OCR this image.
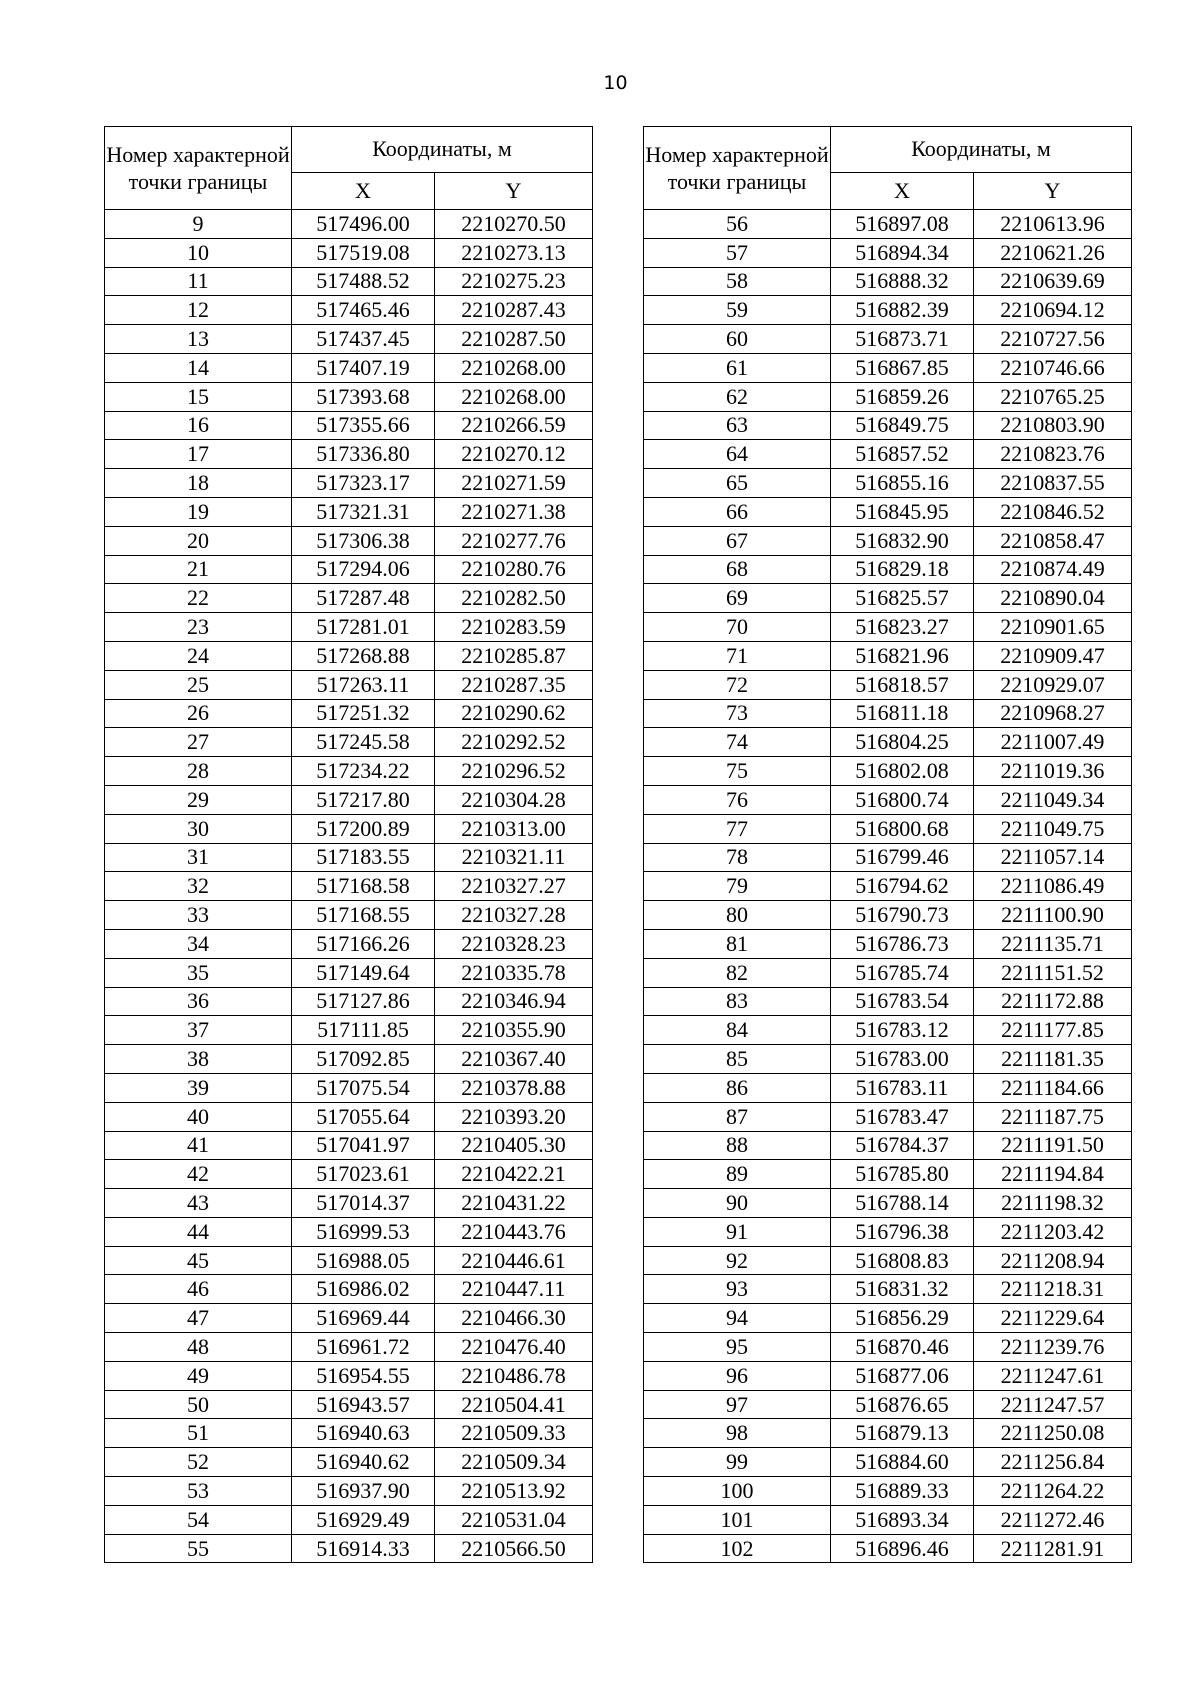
10
Номер характерной точки границы	Координаты, м	
	X	Y
9	517496.00	2210270.50
10	517519.08	2210273.13
11	517488.52	2210275.23
12	517465.46	2210287.43
13	517437.45	2210287.50
14	517407.19	2210268.00
15	517393.68	2210268.00
16	517355.66	2210266.59
17	517336.80	2210270.12
18	517323.17	2210271.59
19	517321.31	2210271.38
20	517306.38	2210277.76
21	517294.06	2210280.76
22	517287.48	2210282.50
23	517281.01	2210283.59
24	517268.88	2210285.87
25	517263.11	2210287.35
26	517251.32	2210290.62
27	517245.58	2210292.52
28	517234.22	2210296.52
29	517217.80	2210304.28
30	517200.89	2210313.00
31	517183.55	2210321.11
32	517168.58	2210327.27
33	517168.55	2210327.28
34	517166.26	2210328.23
35	517149.64	2210335.78
36	517127.86	2210346.94
37	517111.85	2210355.90
38	517092.85	2210367.40
39	517075.54	2210378.88
40	517055.64	2210393.20
41	517041.97	2210405.30
42	517023.61	2210422.21
43	517014.37	2210431.22
44	516999.53	2210443.76
45	516988.05	2210446.61
46	516986.02	2210447.11
47	516969.44	2210466.30
48	516961.72	2210476.40
49	516954.55	2210486.78
50	516943.57	2210504.41
51	516940.63	2210509.33
52	516940.62	2210509.34
53	516937.90	2210513.92
54	516929.49	2210531.04
55	516914.33	2210566.50
Номер характерной точки границы	Координаты, м	
	X	Y
56	516897.08	2210613.96
57	516894.34	2210621.26
58	516888.32	2210639.69
59	516882.39	2210694.12
60	516873.71	2210727.56
61	516867.85	2210746.66
62	516859.26	2210765.25
63	516849.75	2210803.90
64	516857.52	2210823.76
65	516855.16	2210837.55
66	516845.95	2210846.52
67	516832.90	2210858.47
68	516829.18	2210874.49
69	516825.57	2210890.04
70	516823.27	2210901.65
71	516821.96	2210909.47
72	516818.57	2210929.07
73	516811.18	2210968.27
74	516804.25	2211007.49
75	516802.08	2211019.36
76	516800.74	2211049.34
77	516800.68	2211049.75
78	516799.46	2211057.14
79	516794.62	2211086.49
80	516790.73	2211100.90
81	516786.73	2211135.71
82	516785.74	2211151.52
83	516783.54	2211172.88
84	516783.12	2211177.85
85	516783.00	2211181.35
86	516783.11	2211184.66
87	516783.47	2211187.75
88	516784.37	2211191.50
89	516785.80	2211194.84
90	516788.14	2211198.32
91	516796.38	2211203.42
92	516808.83	2211208.94
93	516831.32	2211218.31
94	516856.29	2211229.64
95	516870.46	2211239.76
96	516877.06	2211247.61
97	516876.65	2211247.57
98	516879.13	2211250.08
99	516884.60	2211256.84
100	516889.33	2211264.22
101	516893.34	2211272.46
102	516896.46	2211281.91
